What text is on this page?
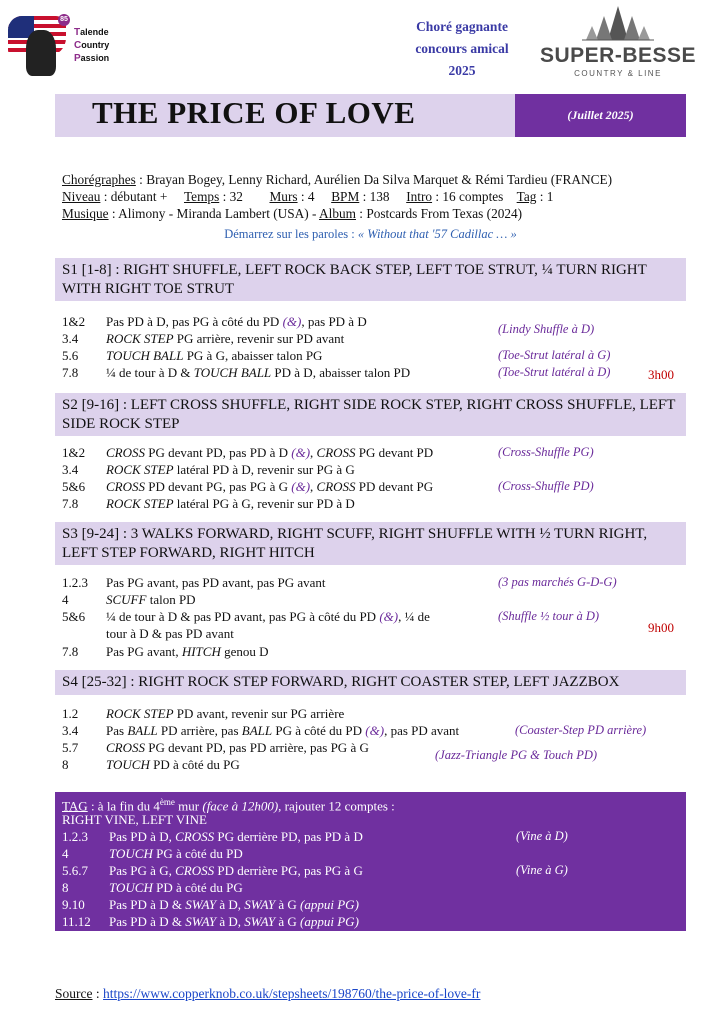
85
Talende
Country
Passion
Choré gagnante
concours amical
2025
SUPER-BESSE
COUNTRY & LINE
THE PRICE OF LOVE	(Juillet 2025)
Chorégraphes : Brayan Bogey, Lenny Richard, Aurélien Da Silva Marquet & Rémi Tardieu (FRANCE)
Niveau : débutant + Temps : 32 Murs : 4 BPM : 138 Intro : 16 comptes Tag : 1
Musique : Alimony - Miranda Lambert (USA) - Album : Postcards From Texas (2024)
Démarrez sur les paroles : « Without that '57 Cadillac … »
S1 [1-8] : RIGHT SHUFFLE, LEFT ROCK BACK STEP, LEFT TOE STRUT, ¼ TURN RIGHT WITH RIGHT TOE STRUT
1&2 Pas PD à D, pas PG à côté du PD (&), pas PD à D	(Lindy Shuffle à D)
3.4 ROCK STEP PG arrière, revenir sur PD avant
5.6 TOUCH BALL PG à G, abaisser talon PG	(Toe-Strut latéral à G)
7.8 ¼ de tour à D & TOUCH BALL PD à D, abaisser talon PD	(Toe-Strut latéral à D)	3h00
S2 [9-16] : LEFT CROSS SHUFFLE, RIGHT SIDE ROCK STEP, RIGHT CROSS SHUFFLE, LEFT SIDE ROCK STEP
1&2 CROSS PG devant PD, pas PD à D (&), CROSS PG devant PD	(Cross-Shuffle PG)
3.4 ROCK STEP latéral PD à D, revenir sur PG à G
5&6 CROSS PD devant PG, pas PG à G (&), CROSS PD devant PG	(Cross-Shuffle PD)
7.8 ROCK STEP latéral PG à G, revenir sur PD à D
S3 [9-24] : 3 WALKS FORWARD, RIGHT SCUFF, RIGHT SHUFFLE WITH ½ TURN RIGHT, LEFT STEP FORWARD, RIGHT HITCH
1.2.3 Pas PG avant, pas PD avant, pas PG avant	(3 pas marchés G-D-G)
4	SCUFF talon PD
5&6 ¼ de tour à D & pas PD avant, pas PG à côté du PD (&), ¼ de
tour à D & pas PD avant
(Shuffle ½ tour à D)
9h00
7.8 Pas PG avant, HITCH genou D
S4 [25-32] : RIGHT ROCK STEP FORWARD, RIGHT COASTER STEP, LEFT JAZZBOX
1.2 ROCK STEP PD avant, revenir sur PG arrière
3.4 Pas BALL PD arrière, pas BALL PG à côté du PD (&), pas PD avant	(Coaster-Step PD arrière)
5.7 CROSS PG devant PD, pas PD arrière, pas PG à G	(Jazz-Triangle PG & Touch PD)
8	TOUCH PD à côté du PG
TAG : à la fin du 4ème mur (face à 12h00), rajouter 12 comptes :
RIGHT VINE, LEFT VINE
1.2.3 Pas PD à D, CROSS PG derrière PD, pas PD à D	(Vine à D)
4	TOUCH PG à côté du PD
5.6.7 Pas PG à G, CROSS PD derrière PG, pas PG à G	(Vine à G)
8	TOUCH PD à côté du PG
9.10 Pas PD à D & SWAY à D, SWAY à G (appui PG)
11.12 Pas PD à D & SWAY à D, SWAY à G (appui PG)
Source : https://www.copperknob.co.uk/stepsheets/198760/the-price-of-love-fr
